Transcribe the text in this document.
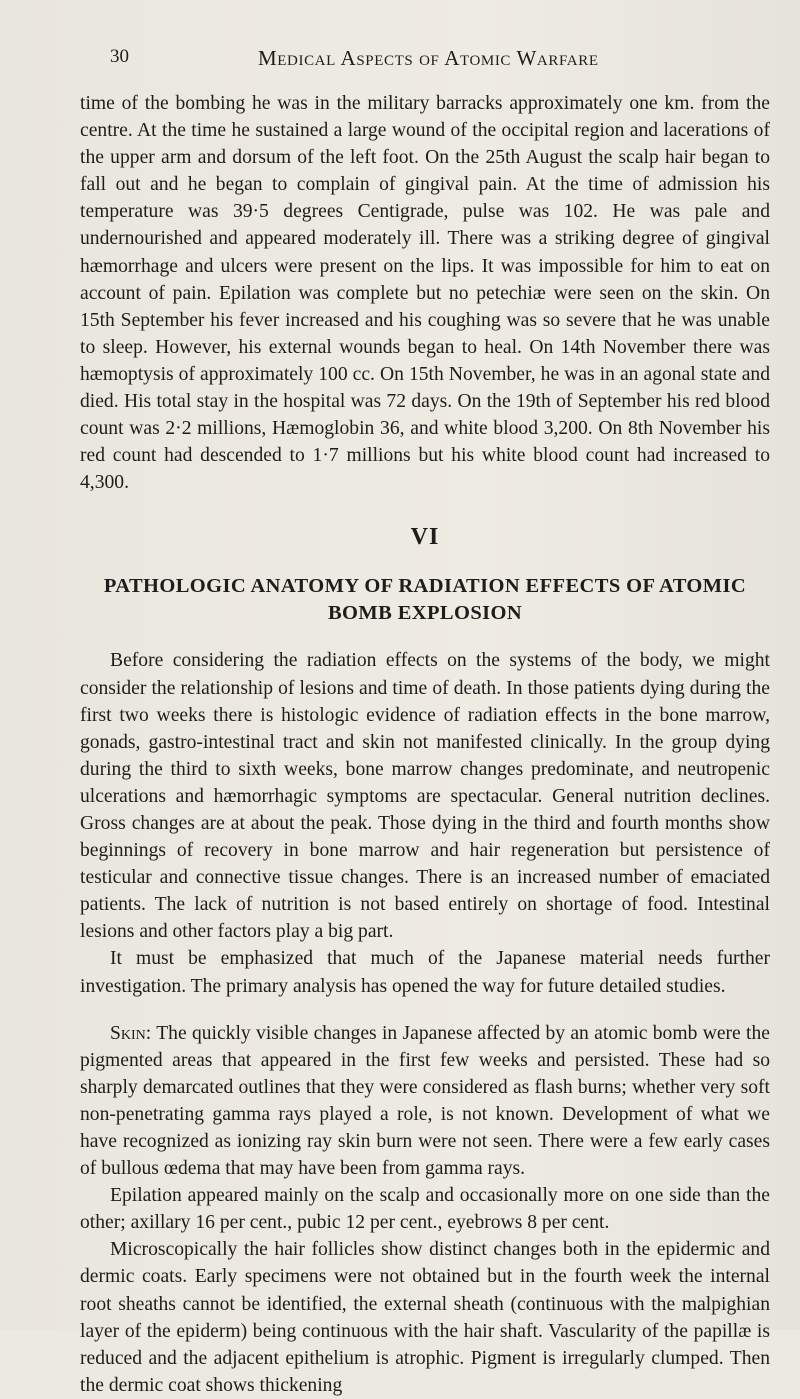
30	Medical Aspects of Atomic Warfare

time of the bombing he was in the military barracks approximately one km. from the centre. At the time he sustained a large wound of the occipital region and lacerations of the upper arm and dorsum of the left foot. On the 25th August the scalp hair began to fall out and he began to complain of gingival pain. At the time of admission his temperature was 39·5 degrees Centigrade, pulse was 102. He was pale and undernourished and appeared moderately ill. There was a striking degree of gingival hæmorrhage and ulcers were present on the lips. It was impossible for him to eat on account of pain. Epilation was complete but no petechiæ were seen on the skin. On 15th September his fever increased and his coughing was so severe that he was unable to sleep. However, his external wounds began to heal. On 14th November there was hæmoptysis of approximately 100 cc. On 15th November, he was in an agonal state and died. His total stay in the hospital was 72 days. On the 19th of September his red blood count was 2·2 millions, Hæmoglobin 36, and white blood 3,200. On 8th November his red count had descended to 1·7 millions but his white blood count had increased to 4,300.

VI
PATHOLOGIC ANATOMY OF RADIATION EFFECTS OF ATOMIC
BOMB EXPLOSION

Before considering the radiation effects on the systems of the body, we might consider the relationship of lesions and time of death. In those patients dying during the first two weeks there is histologic evidence of radiation effects in the bone marrow, gonads, gastro-intestinal tract and skin not manifested clinically. In the group dying during the third to sixth weeks, bone marrow changes predominate, and neutropenic ulcerations and hæmorrhagic symptoms are spectacular. General nutrition declines. Gross changes are at about the peak. Those dying in the third and fourth months show beginnings of recovery in bone marrow and hair regeneration but persistence of testicular and connective tissue changes. There is an increased number of emaciated patients. The lack of nutrition is not based entirely on shortage of food. Intestinal lesions and other factors play a big part.

It must be emphasized that much of the Japanese material needs further investigation. The primary analysis has opened the way for future detailed studies.

Skin: The quickly visible changes in Japanese affected by an atomic bomb were the pigmented areas that appeared in the first few weeks and persisted. These had so sharply demarcated outlines that they were considered as flash burns; whether very soft non-penetrating gamma rays played a role, is not known. Development of what we have recognized as ionizing ray skin burn were not seen. There were a few early cases of bullous œdema that may have been from gamma rays.

Epilation appeared mainly on the scalp and occasionally more on one side than the other; axillary 16 per cent., pubic 12 per cent., eyebrows 8 per cent.

Microscopically the hair follicles show distinct changes both in the epidermic and dermic coats. Early specimens were not obtained but in the fourth week the internal root sheaths cannot be identified, the external sheath (continuous with the malpighian layer of the epiderm) being continuous with the hair shaft. Vascularity of the papillæ is reduced and the adjacent epithelium is atrophic. Pigment is irregularly clumped. Then the dermic coat shows thickening
